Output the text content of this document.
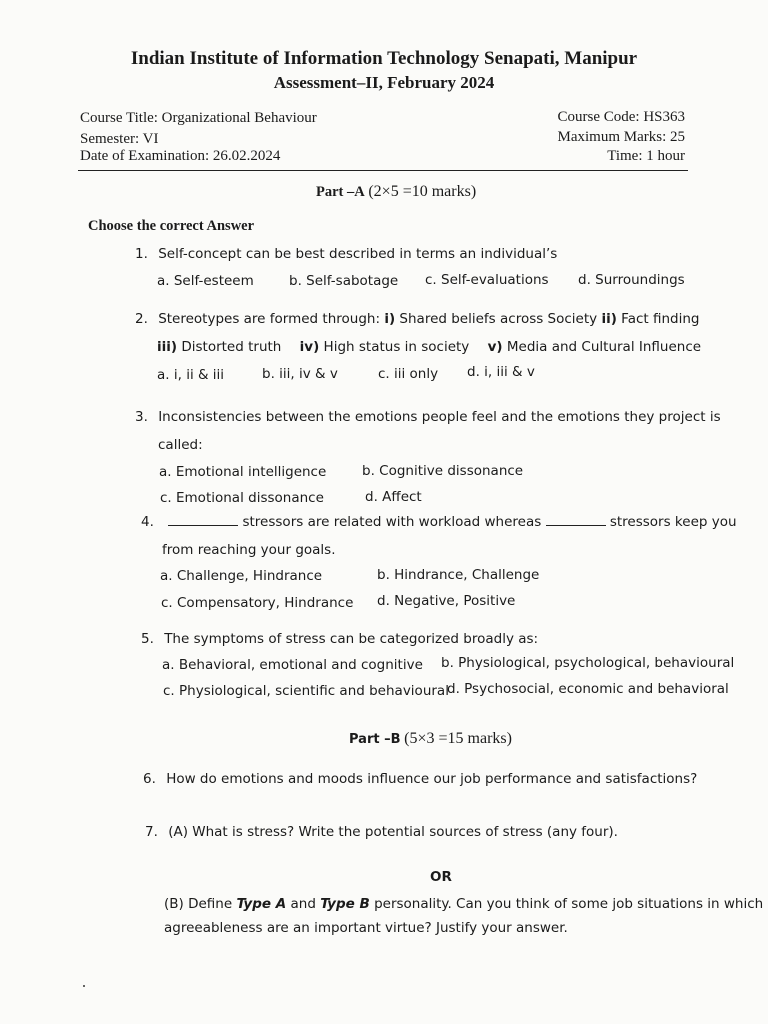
Indian Institute of Information Technology Senapati, Manipur
Assessment–II, February 2024
Course Title: Organizational Behaviour
Semester: VI
Date of Examination: 26.02.2024
Course Code: HS363
Maximum Marks: 25
Time: 1 hour
Part –A (2×5 =10 marks)
Choose the correct Answer
1. Self-concept can be best described in terms an individual’s
a. Self-esteem	b. Self-sabotage c. Self-evaluations d. Surroundings
2. Stereotypes are formed through: i) Shared beliefs across Society ii) Fact finding
iii) Distorted truth iv) High status in society v) Media and Cultural Influence
a. i, ii & iii	b. iii, iv & v	c. iii only d. i, iii & v
3. Inconsistencies between the emotions people feel and the emotions they project is
called:
a. Emotional intelligence	b. Cognitive dissonance
c. Emotional dissonance	d. Affect
4.	stressors are related with workload whereas	stressors keep you
from reaching your goals.
a. Challenge, Hindrance	b. Hindrance, Challenge
c. Compensatory, Hindrance d. Negative, Positive
5. The symptoms of stress can be categorized broadly as:
a. Behavioral, emotional and cognitive b. Physiological, psychological, behavioural
c. Physiological, scientific and behavioural
d. Psychosocial, economic and behavioral
Part –B (5×3 =15 marks)
6. How do emotions and moods influence our job performance and satisfactions?
7. (A) What is stress? Write the potential sources of stress (any four).
OR
(B) Define Type A and Type B personality. Can you think of some job situations in which
agreeableness are an important virtue? Justify your answer.
